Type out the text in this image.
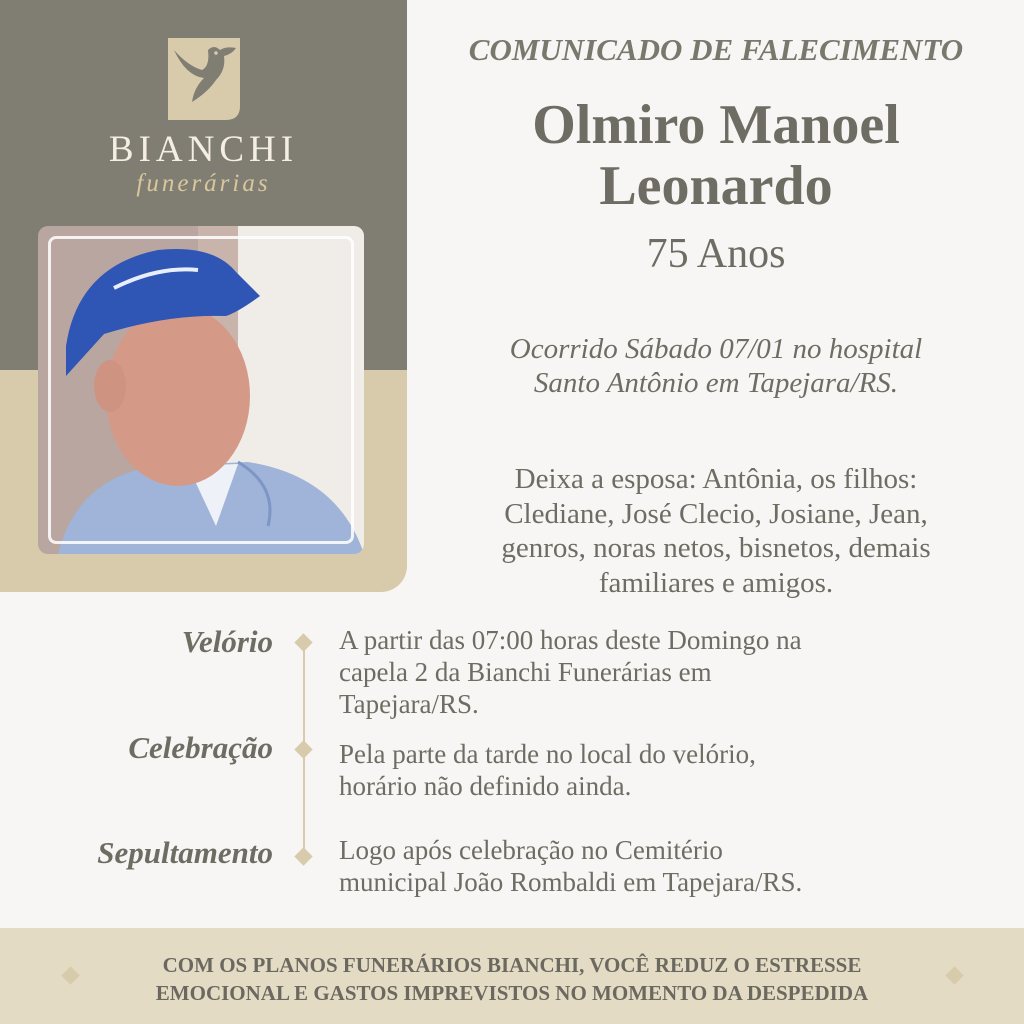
BIANCHI
funerárias
COMUNICADO DE FALECIMENTO
Olmiro Manoel
Leonardo
75 Anos
Ocorrido Sábado 07/01 no hospital
Santo Antônio em Tapejara/RS.
Deixa a esposa: Antônia, os filhos:
Clediane, José Clecio, Josiane, Jean,
genros, noras netos, bisnetos, demais
familiares e amigos.
Velório A partir das 07:00 horas deste Domingo na
capela 2 da Bianchi Funerárias em
Tapejara/RS.
Celebração Pela parte da tarde no local do velório,
horário não definido ainda.
Sepultamento Logo após celebração no Cemitério
municipal João Rombaldi em Tapejara/RS.
COM OS PLANOS FUNERÁRIOS BIANCHI, VOCÊ REDUZ O ESTRESSE
EMOCIONAL E GASTOS IMPREVISTOS NO MOMENTO DA DESPEDIDA
